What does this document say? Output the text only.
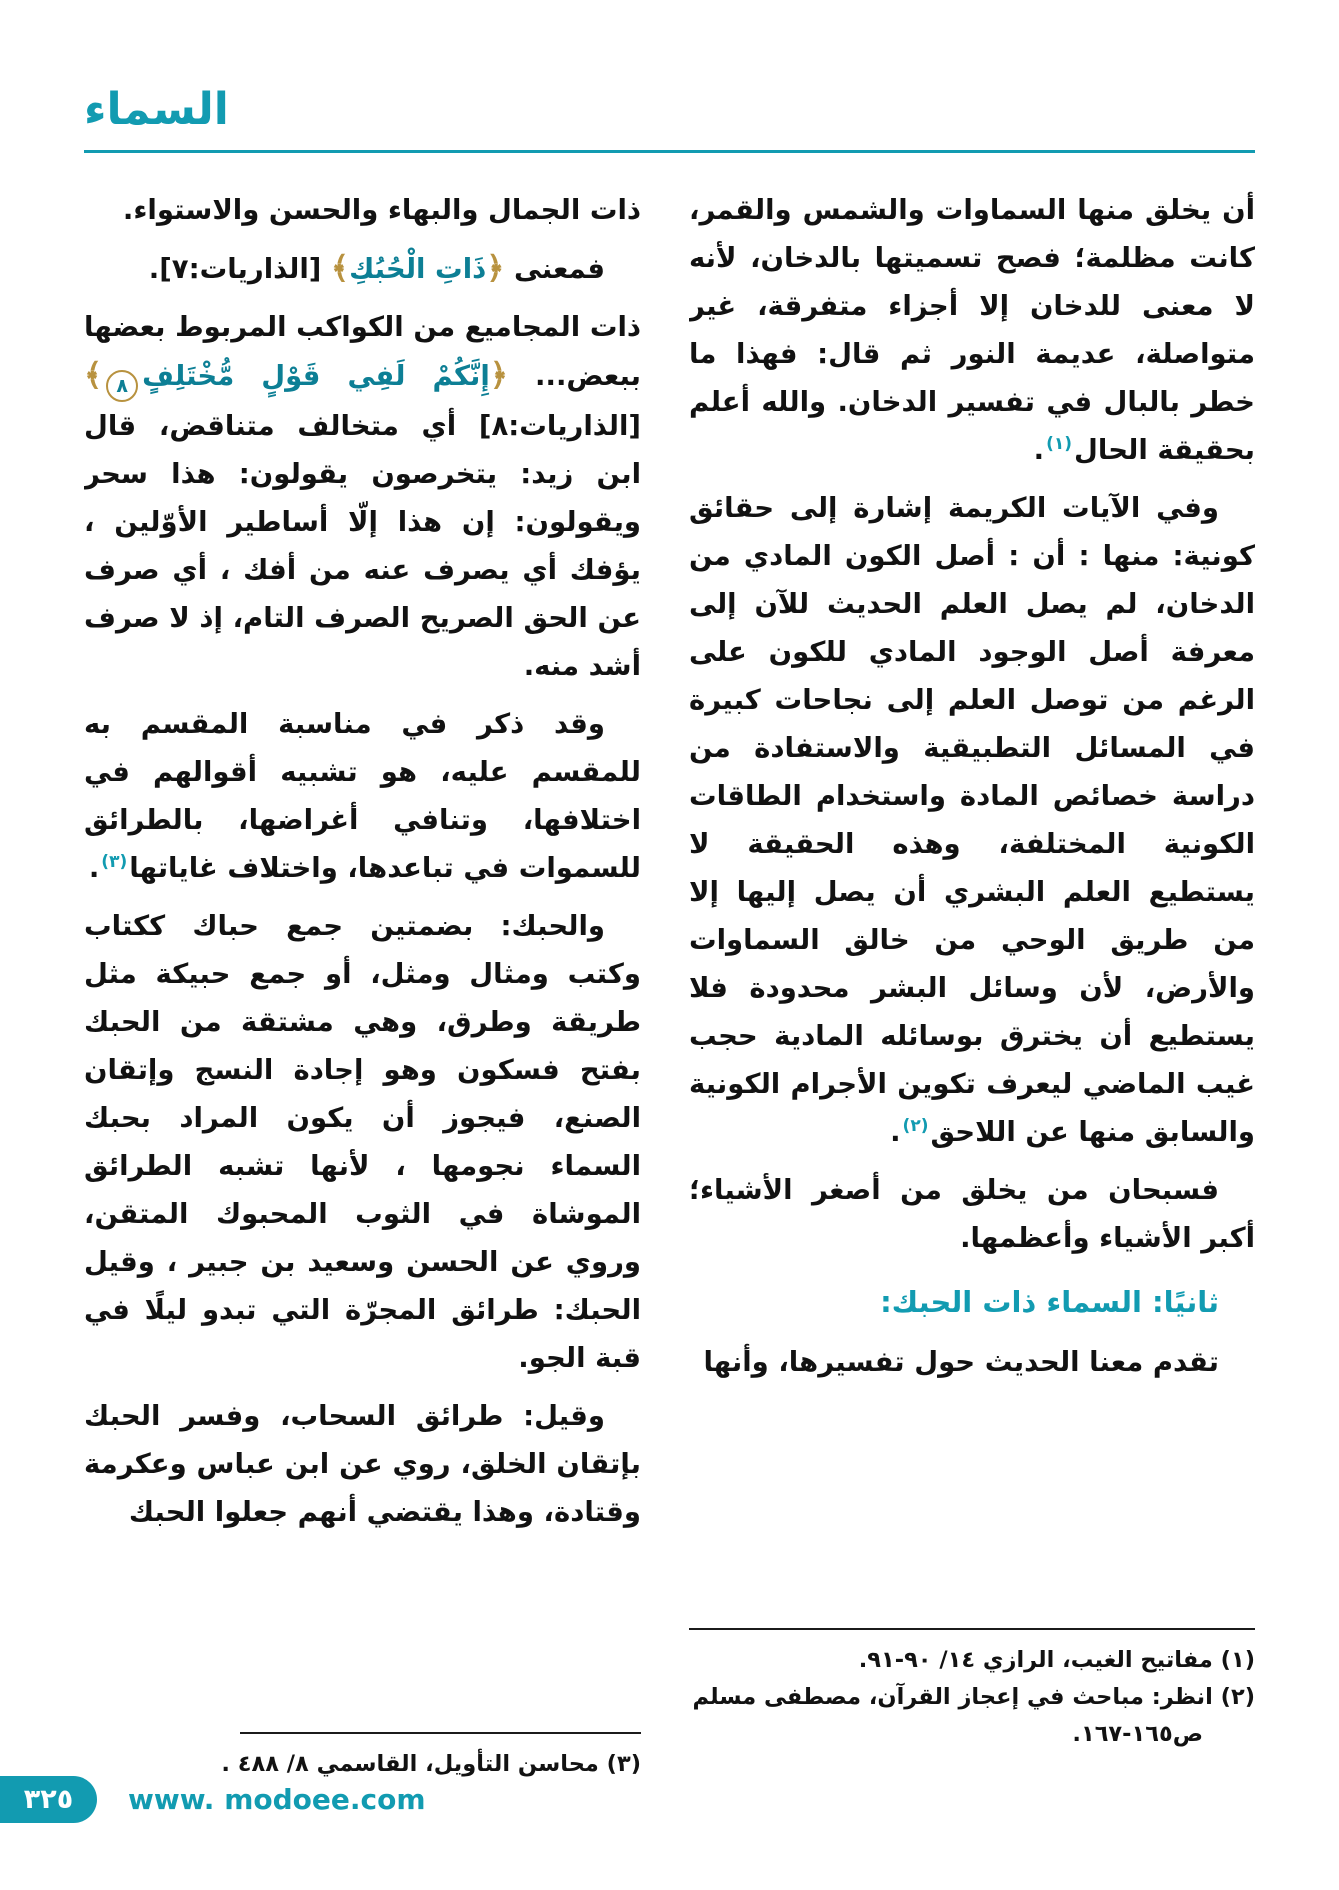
السماء

أن يخلق منها السماوات والشمس والقمر، كانت مظلمة؛ فصح تسميتها بالدخان، لأنه لا معنى للدخان إلا أجزاء متفرقة، غير متواصلة، عديمة النور ثم قال: فهذا ما خطر بالبال في تفسير الدخان. والله أعلم بحقيقة الحال$^{(١)}$.

وفي الآيات الكريمة إشارة إلى حقائق كونية: منها : أن : أصل الكون المادي من الدخان، لم يصل العلم الحديث للآن إلى معرفة أصل الوجود المادي للكون على الرغم من توصل العلم إلى نجاحات كبيرة في المسائل التطبيقية والاستفادة من دراسة خصائص المادة واستخدام الطاقات الكونية المختلفة، وهذه الحقيقة لا يستطيع العلم البشري أن يصل إليها إلا من طريق الوحي من خالق السماوات والأرض، لأن وسائل البشر محدودة فلا يستطيع أن يخترق بوسائله المادية حجب غيب الماضي ليعرف تكوين الأجرام الكونية والسابق منها عن اللاحق$^{(٢)}$.

فسبحان من يخلق من أصغر الأشياء؛ أكبر الأشياء وأعظمها.

ثانيًا: السماء ذات الحبك:

تقدم معنا الحديث حول تفسيرها، وأنها

ذات الجمال والبهاء والحسن والاستواء.

فمعنى ﴿ذَاتِ الْحُبُكِ﴾ [الذاريات:٧].

ذات المجاميع من الكواكب المربوط بعضها ببعض... ﴿إِنَّكُمْ لَفِي قَوْلٍ مُّخْتَلِفٍ٨﴾ [الذاريات:٨] أي متخالف متناقض، قال ابن زيد: يتخرصون يقولون: هذا سحر ويقولون: إن هذا إلّا أساطير الأوّلين ، يؤفك أي يصرف عنه من أفك ، أي صرف عن الحق الصريح الصرف التام، إذ لا صرف أشد منه.

وقد ذكر في مناسبة المقسم به للمقسم عليه، هو تشبيه أقوالهم في اختلافها، وتنافي أغراضها، بالطرائق للسموات في تباعدها، واختلاف غاياتها$^{(٣)}$.

والحبك: بضمتين جمع حباك ككتاب وكتب ومثال ومثل، أو جمع حبيكة مثل طريقة وطرق، وهي مشتقة من الحبك بفتح فسكون وهو إجادة النسج وإتقان الصنع، فيجوز أن يكون المراد بحبك السماء نجومها ، لأنها تشبه الطرائق الموشاة في الثوب المحبوك المتقن، وروي عن الحسن وسعيد بن جبير ، وقيل الحبك: طرائق المجرّة التي تبدو ليلًا في قبة الجو.

وقيل: طرائق السحاب، وفسر الحبك بإتقان الخلق، روي عن ابن عباس وعكرمة وقتادة، وهذا يقتضي أنهم جعلوا الحبك

(١) مفاتيح الغيب، الرازي ١٤/ ٩٠-٩١.
(٢) انظر: مباحث في إعجاز القرآن، مصطفى مسلم ص١٦٥-١٦٧.
(٣) محاسن التأويل، القاسمي ٨/ ٤٨٨ .
٣٢٥	www. modoee.com
